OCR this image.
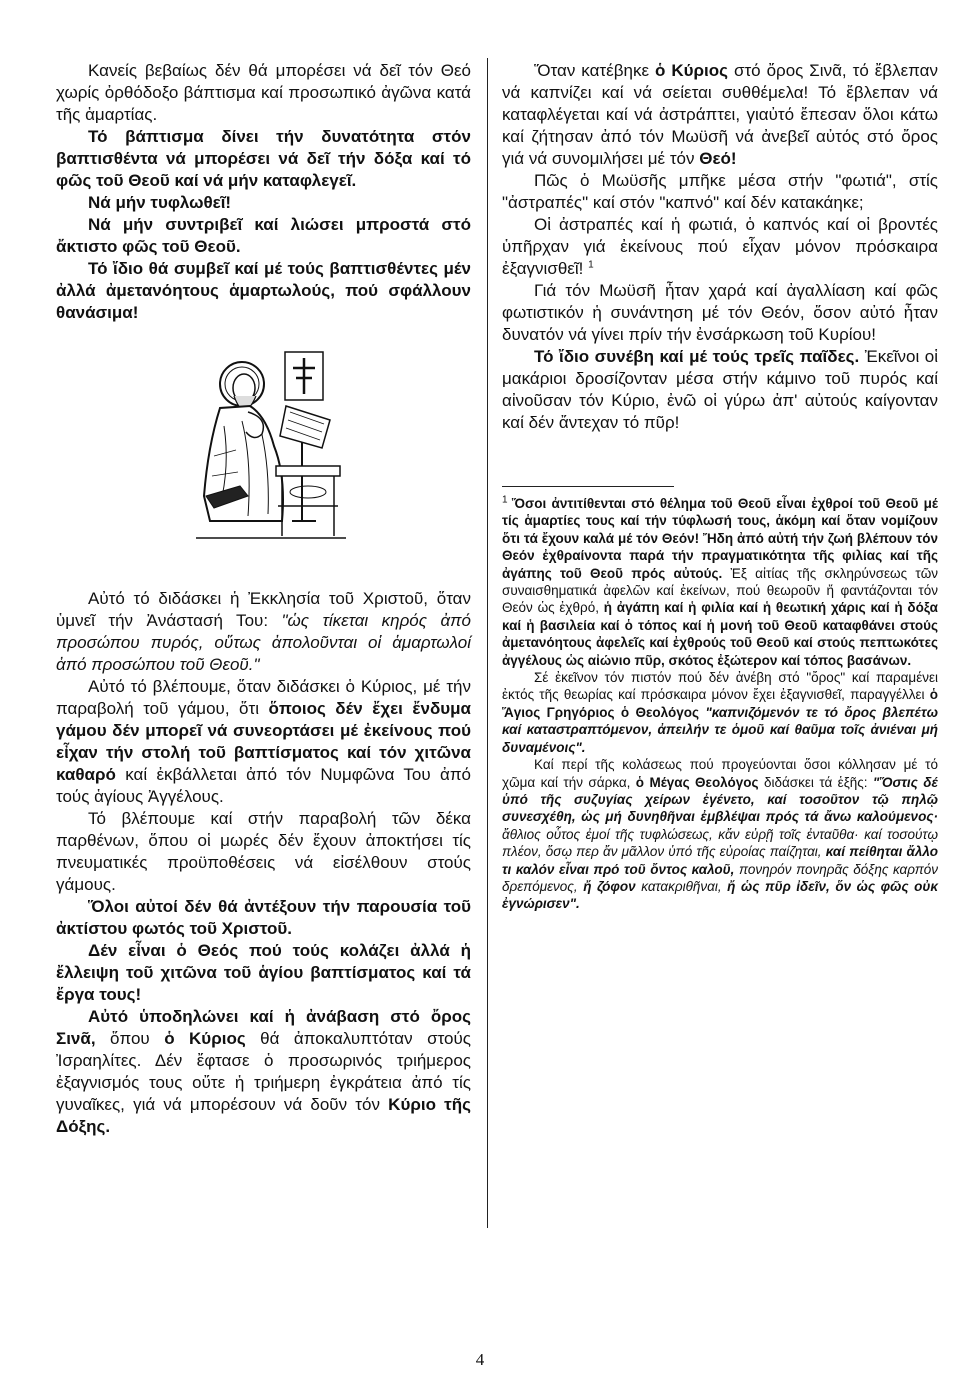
Κανείς βεβαίως δέν θά μπορέσει νά δεῖ τόν Θεό χωρίς ὀρθόδοξο βάπτισμα καί προσωπικό ἀγῶνα κατά τῆς ἁμαρτίας.

Τό βάπτισμα δίνει τήν δυνατότητα στόν βαπτισθέντα νά μπορέσει νά δεῖ τήν δόξα καί τό φῶς τοῦ Θεοῦ καί νά μήν καταφλεγεῖ.

Νά μήν τυφλωθεῖ!

Νά μήν συντριβεῖ καί λιώσει μπροστά στό ἄκτιστο φῶς τοῦ Θεοῦ.

Τό ἴδιο θά συμβεῖ καί μέ τούς βαπτισθέντες μέν ἀλλά ἀμετανόητους ἁμαρτωλούς, πού σφάλλουν θανάσιμα!

Αὐτό τό διδάσκει ἡ Ἐκκλησία τοῦ Χριστοῦ, ὅταν ὑμνεῖ τήν Ἀνάστασή Του: "ὡς τίκεται κηρός ἀπό προσώπου πυρός, οὕτως ἀπολοῦνται οἱ ἁμαρτωλοί ἀπό προσώπου τοῦ Θεοῦ."

Αὐτό τό βλέπουμε, ὅταν διδάσκει ὁ Κύριος, μέ τήν παραβολή τοῦ γάμου, ὅτι ὅποιος δέν ἔχει ἔνδυμα γάμου δέν μπορεῖ νά συνεορτάσει μέ ἐκείνους πού εἶχαν τήν στολή τοῦ βαπτίσματος καί τόν χιτῶνα καθαρό καί ἐκβάλλεται ἀπό τόν Νυμφῶνα Του ἀπό τούς ἁγίους Ἀγγέλους.

Τό βλέπουμε καί στήν παραβολή τῶν δέκα παρθένων, ὅπου οἱ μωρές δέν ἔχουν ἀποκτήσει τίς πνευματικές προϋποθέσεις νά εἰσέλθουν στούς γάμους.

Ὅλοι αὐτοί δέν θά ἀντέξουν τήν παρουσία τοῦ ἀκτίστου φωτός τοῦ Χριστοῦ.

Δέν εἶναι ὁ Θεός πού τούς κολάζει ἀλλά ἡ ἔλλειψη τοῦ χιτῶνα τοῦ ἁγίου βαπτίσματος καί τά ἔργα τους!

Αὐτό ὑποδηλώνει καί ἡ ἀνάβαση στό ὄρος Σινᾶ, ὅπου ὁ Κύριος θά ἀποκαλυπτόταν στούς Ἰσραηλίτες. Δέν ἔφτασε ὁ προσωρινός τριήμερος ἐξαγνισμός τους οὔτε ἡ τριήμερη ἐγκράτεια ἀπό τίς γυναῖκες, γιά νά μπορέσουν νά δοῦν τόν Κύριο τῆς Δόξης.

Ὅταν κατέβηκε ὁ Κύριος στό ὄρος Σινᾶ, τό ἔβλεπαν νά καπνίζει καί νά σείεται συθθέμελα! Τό ἔβλεπαν νά καταφλέγεται καί νά ἀστράπτει, γιαὐτό ἔπεσαν ὅλοι κάτω καί ζήτησαν ἀπό τόν Μωϋσῆ νά ἀνεβεῖ αὐτός στό ὄρος γιά νά συνομιλήσει μέ τόν Θεό!

Πῶς ὁ Μωϋσῆς μπῆκε μέσα στήν "φωτιά", στίς "ἀστραπές" καί στόν "καπνό" καί δέν κατακάηκε;

Οἱ ἀστραπές καί ἡ φωτιά, ὁ καπνός καί οἱ βροντές ὑπῆρχαν γιά ἐκείνους πού εἶχαν μόνον πρόσκαιρα ἐξαγνισθεῖ! $^1$

Γιά τόν Μωϋσῆ ἦταν χαρά καί ἀγαλλίαση καί φῶς φωτιστικόν ἡ συνάντηση μέ τόν Θεόν, ὅσον αὐτό ἦταν δυνατόν νά γίνει πρίν τήν ἐνσάρκωση τοῦ Κυρίου!

Τό ἴδιο συνέβη καί μέ τούς τρεῖς παῖδες. Ἐκεῖνοι οἱ μακάριοι δροσίζονταν μέσα στήν κάμινο τοῦ πυρός καί αἰνοῦσαν τόν Κύριο, ἐνῶ οἱ γύρω ἀπ' αὐτούς καίγονταν καί δέν ἄντεχαν τό πῦρ!

$^1$ Ὅσοι ἀντιτίθενται στό θέλημα τοῦ Θεοῦ εἶναι ἐχθροί τοῦ Θεοῦ μέ τίς ἁμαρτίες τους καί τήν τύφλωσή τους, ἀκόμη καί ὅταν νομίζουν ὅτι τά ἔχουν καλά μέ τόν Θεόν! Ἤδη ἀπό αὐτή τήν ζωή βλέπουν τόν Θεόν ἐχθραίνοντα παρά τήν πραγματικότητα τῆς φιλίας καί τῆς ἀγάπης τοῦ Θεοῦ πρός αὐτούς. Ἐξ αἰτίας τῆς σκληρύνσεως τῶν συναισθηματικά ἀφελῶν καί ἐκείνων, πού θεωροῦν ἤ φαντάζονται τόν Θεόν ὡς ἐχθρό, ἡ ἀγάπη καί ἡ φιλία καί ἡ θεωτική χάρις καί ἡ δόξα καί ἡ βασιλεία καί ὁ τόπος καί ἡ μονή τοῦ Θεοῦ καταφθάνει στούς ἀμετανόητους ἀφελεῖς καί ἐχθρούς τοῦ Θεοῦ καί στούς πεπτωκότες ἀγγέλους ὡς αἰώνιο πῦρ, σκότος ἐξώτερον καί τόπος βασάνων.

Σέ ἐκεῖνον τόν πιστόν πού δέν ἀνέβη στό "ὄρος" καί παραμένει ἐκτός τῆς θεωρίας καί πρόσκαιρα μόνον ἔχει ἐξαγνισθεῖ, παραγγέλλει ὁ Ἅγιος Γρηγόριος ὁ Θεολόγος "καπνιζόμενόν τε τό ὄρος βλεπέτω καί καταστραπτόμενον, ἀπειλήν τε ὁμοῦ καί θαῦμα τοῖς ἀνιέναι μή δυναμένοις".

Καί περί τῆς κολάσεως πού προγεύονται ὅσοι κόλλησαν μέ τό χῶμα καί τήν σάρκα, ὁ Μέγας Θεολόγος διδάσκει τά ἑξῆς: "Ὅστις δέ ὑπό τῆς συζυγίας χείρων ἐγένετο, καί τοσοῦτον τῷ πηλῷ συνεσχέθη, ὡς μή δυνηθῆναι ἐμβλέψαι πρός τά ἄνω καλούμενος· ἄθλιος οὗτος ἐμοί τῆς τυφλώσεως, κἄν εὐρῇ τοῖς ἐνταῦθα· καί τοσούτῳ πλέον, ὅσῳ περ ἄν μᾶλλον ὑπό τῆς εὐροίας παίζηται, καί πείθηται ἄλλο τι καλόν εἶναι πρό τοῦ ὄντος καλοῦ, πονηρόν πονηρᾶς δόξης καρπόν δρεπόμενος, ἤ ζόφον κατακριθῆναι, ἤ ὡς πῦρ ἰδεῖν, ὅν ὡς φῶς οὐκ ἐγνώρισεν".

4
